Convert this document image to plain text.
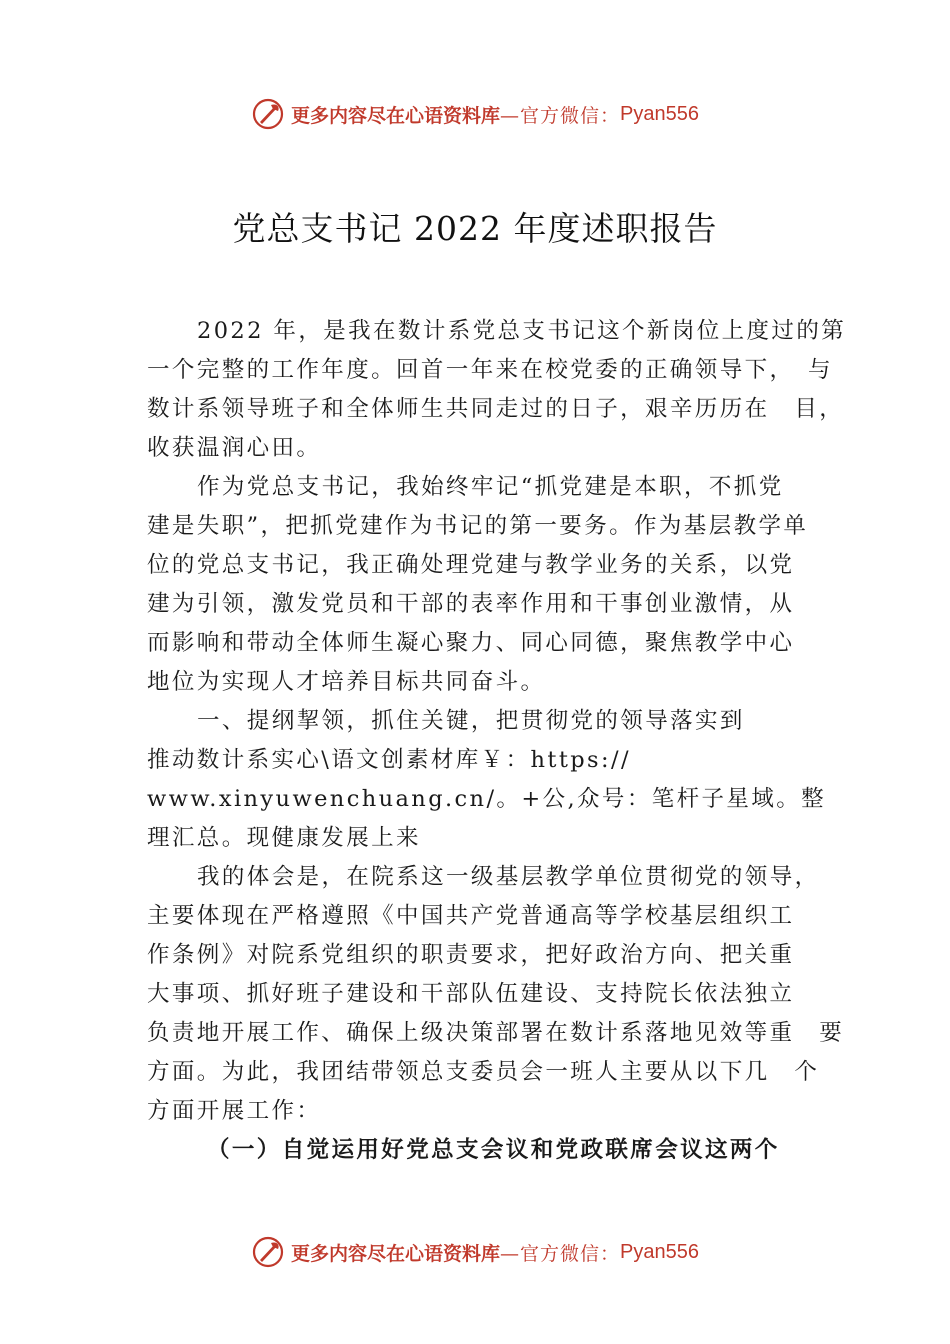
更多内容尽在心语资料库 —官方微信： Pyan556
党总支书记 2022 年度述职报告
2022 年，是我在数计系党总支书记这个新岗位上度过的第
一个完整的工作年度。回首一年来在校党委的正确领导下，　与
数计系领导班子和全体师生共同走过的日子，艰辛历历在　目，
收获温润心田。
作为党总支书记，我始终牢记“抓党建是本职，不抓党
建是失职”，把抓党建作为书记的第一要务。作为基层教学单
位的党总支书记，我正确处理党建与教学业务的关系，以党
建为引领，激发党员和干部的表率作用和干事创业激情，从
而影响和带动全体师生凝心聚力、同心同德，聚焦教学中心
地位为实现人才培养目标共同奋斗。
一、提纲挈领，抓住关键，把贯彻党的领导落实到
推动数计系实心\语文创素材库￥：https://
www.xinyuwenchuang.cn/。+公,众号：笔杆子星域。整
理汇总。现健康发展上来
我的体会是，在院系这一级基层教学单位贯彻党的领导，
主要体现在严格遵照《中国共产党普通高等学校基层组织工
作条例》对院系党组织的职责要求，把好政治方向、把关重
大事项、抓好班子建设和干部队伍建设、支持院长依法独立
负责地开展工作、确保上级决策部署在数计系落地见效等重　要
方面。为此，我团结带领总支委员会一班人主要从以下几　个
方面开展工作：
（一）自觉运用好党总支会议和党政联席会议这两个
更多内容尽在心语资料库 —官方微信： Pyan556
